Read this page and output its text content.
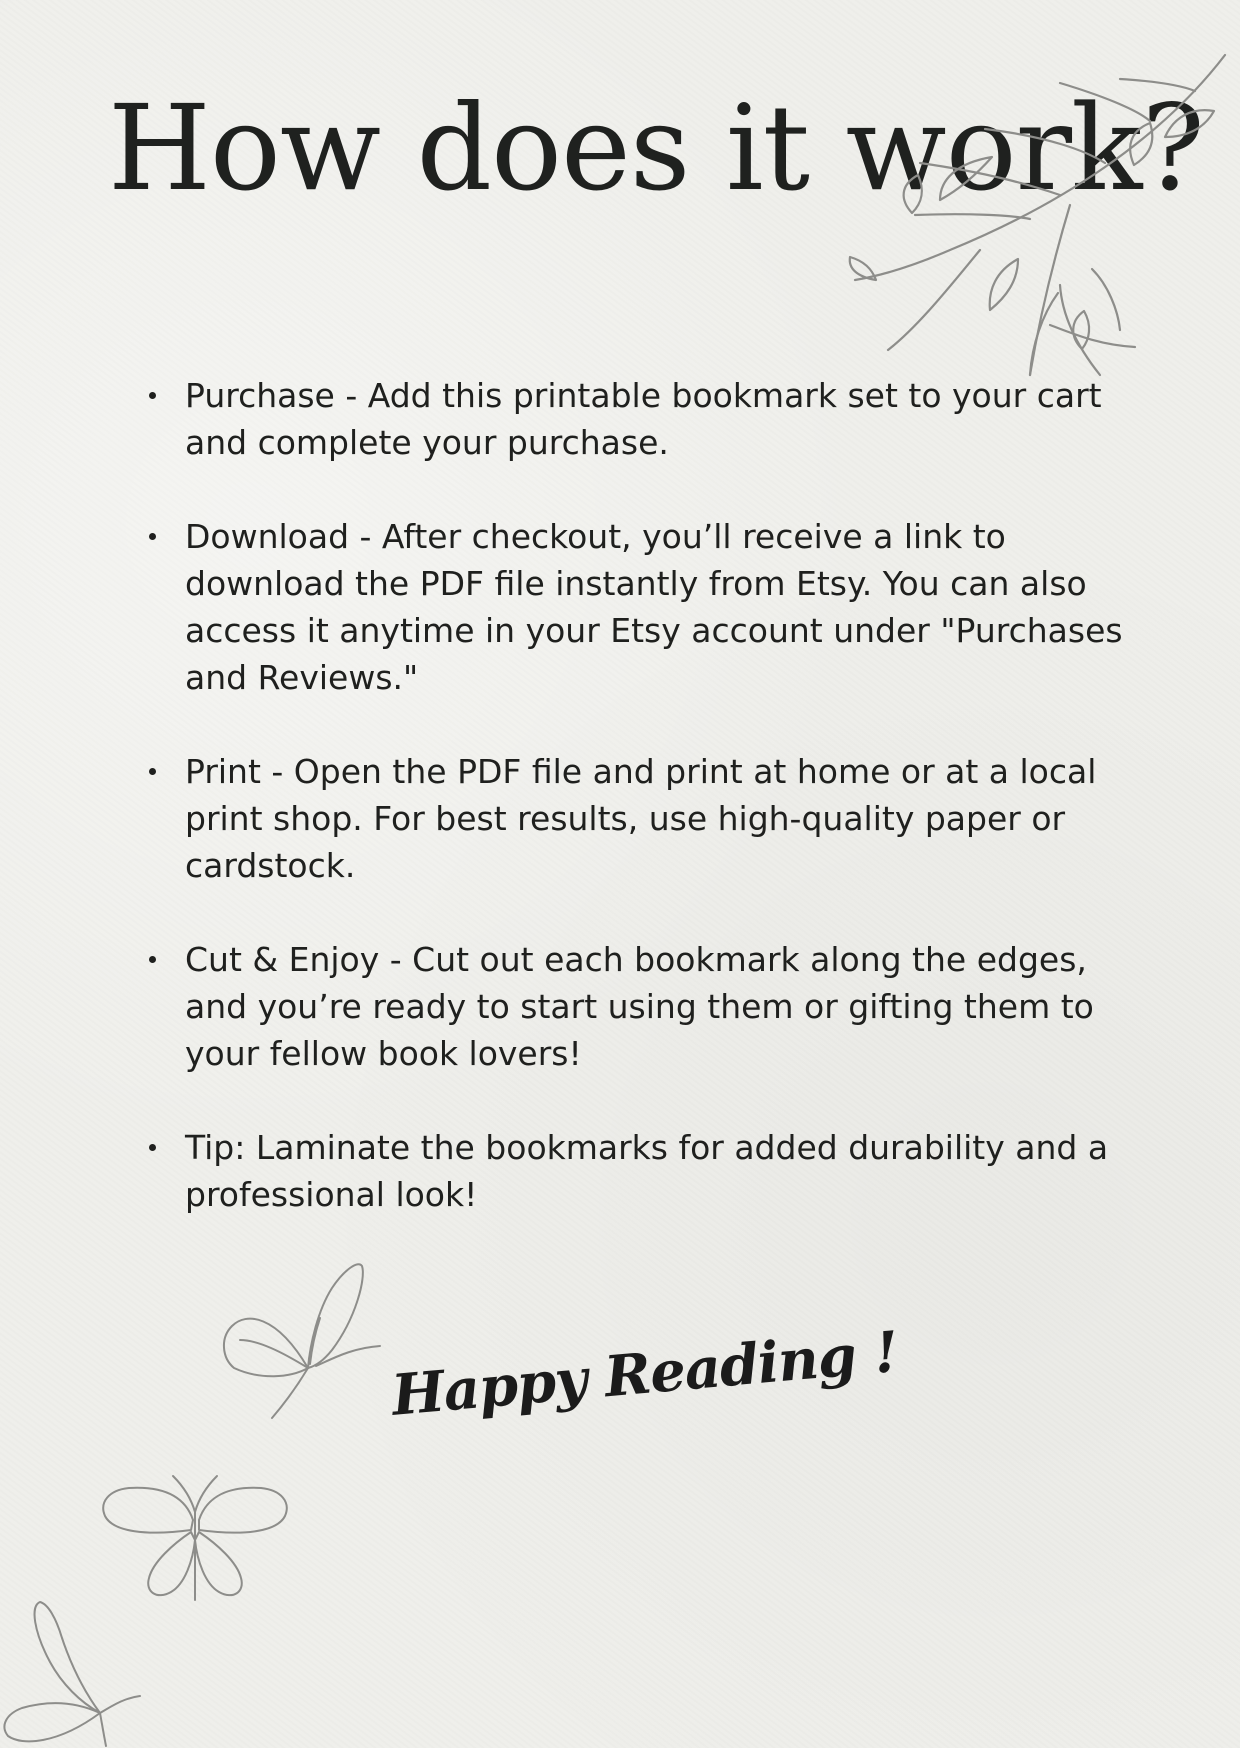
How does it work?
Purchase - Add this printable bookmark set to your cart and complete your purchase.
Download - After checkout, you’ll receive a link to download the PDF file instantly from Etsy. You can also access it anytime in your Etsy account under "Purchases and Reviews."
Print - Open the PDF file and print at home or at a local print shop. For best results, use high-quality paper or cardstock.
Cut & Enjoy - Cut out each bookmark along the edges, and you’re ready to start using them or gifting them to your fellow book lovers!
Tip: Laminate the bookmarks for added durability and a professional look!
Happy Reading !
